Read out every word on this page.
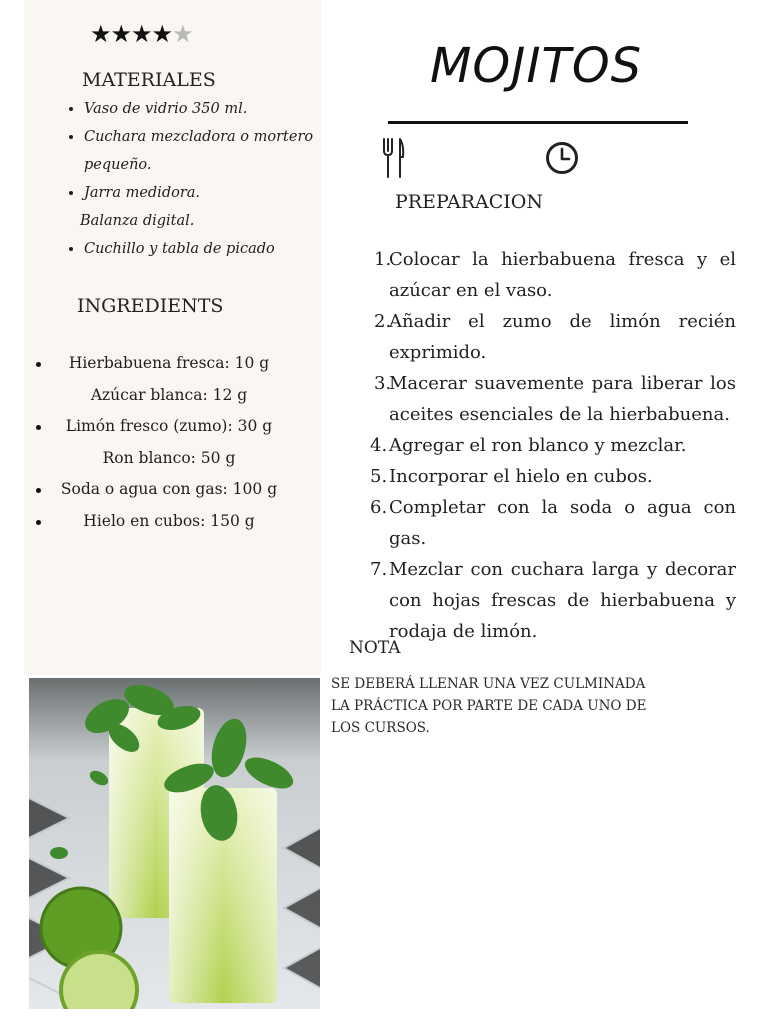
★★★★★
MATERIALES
• Vaso de vidrio 350 ml.
• Cuchara mezcladora o mortero pequeño.
• Jarra medidora.
Balanza digital.
• Cuchillo y tabla de picado
INGREDIENTS
Hierbabuena fresca: 10 g
Azúcar blanca: 12 g
Limón fresco (zumo): 30 g
Ron blanco: 50 g
Soda o agua con gas: 100 g
Hielo en cubos: 150 g
MOJITOS
PREPARACION
1.
Colocar la hierbabuena fresca y el azúcar en el vaso.
2.
Añadir el zumo de limón recién exprimido.
3.
Macerar suavemente para liberar los aceites esenciales de la hierbabuena.
4. Agregar el ron blanco y mezclar.
5. Incorporar el hielo en cubos.
6. Completar con la soda o agua con gas.
7. Mezclar con cuchara larga y decorar con hojas frescas de hierbabuena y rodaja de limón.
NOTA

SE DEBERÁ LLENAR UNA VEZ CULMINADA LA PRÁCTICA POR PARTE DE CADA UNO DE LOS CURSOS.
